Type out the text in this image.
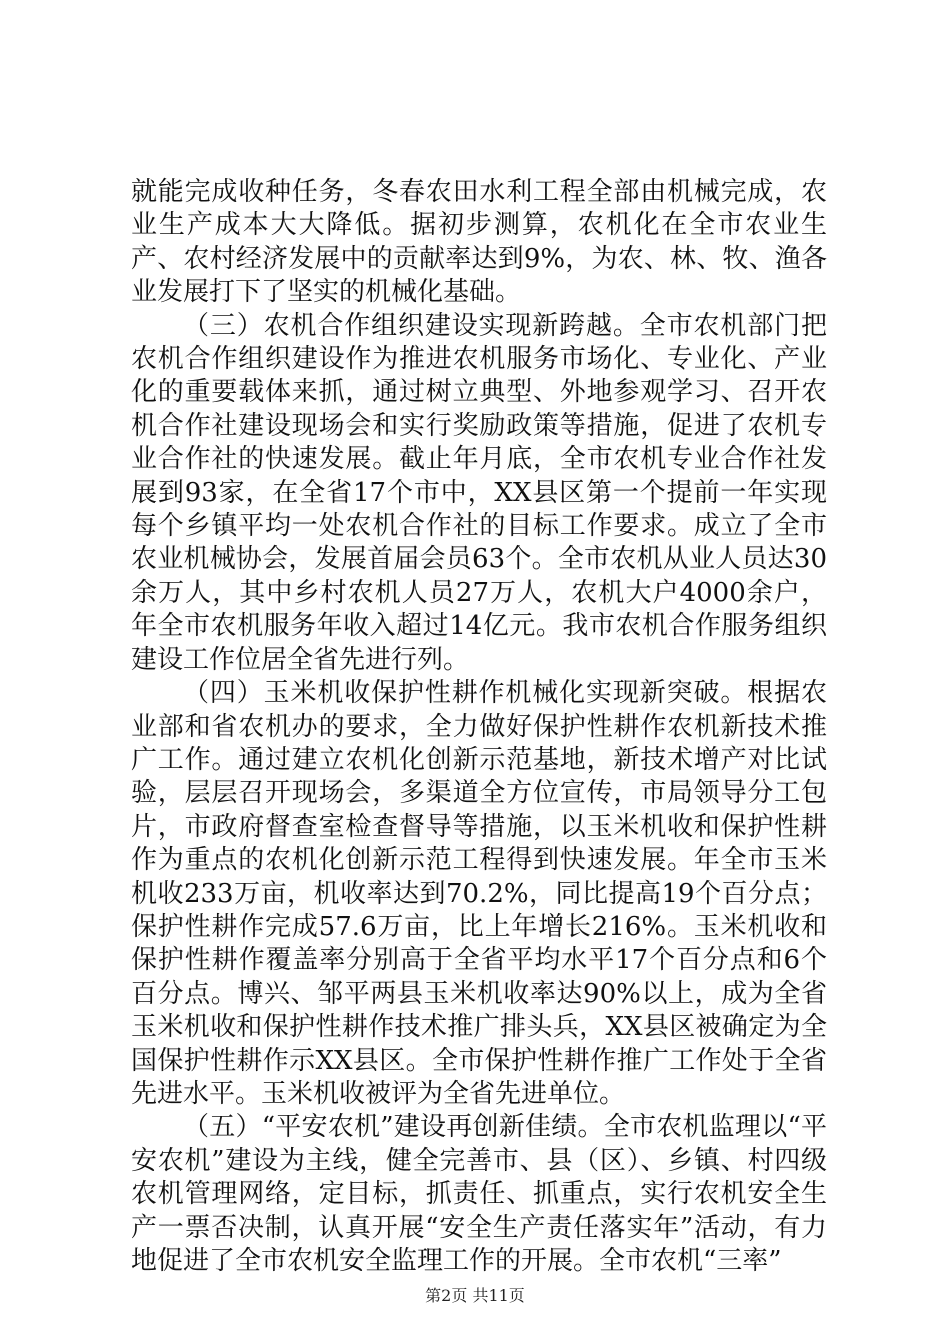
就能完成收种任务，冬春农田水利工程全部由机械完成，农业生产成本大大降低。据初步测算，农机化在全市农业生产、农村经济发展中的贡献率达到9%，为农、林、牧、渔各业发展打下了坚实的机械化基础。

（三）农机合作组织建设实现新跨越。全市农机部门把农机合作组织建设作为推进农机服务市场化、专业化、产业化的重要载体来抓，通过树立典型、外地参观学习、召开农机合作社建设现场会和实行奖励政策等措施，促进了农机专业合作社的快速发展。截止年月底，全市农机专业合作社发展到93家，在全省17个市中，XX县区第一个提前一年实现每个乡镇平均一处农机合作社的目标工作要求。成立了全市农业机械协会，发展首届会员63个。全市农机从业人员达30余万人，其中乡村农机人员27万人，农机大户4000余户，年全市农机服务年收入超过14亿元。我市农机合作服务组织建设工作位居全省先进行列。

（四）玉米机收保护性耕作机械化实现新突破。根据农业部和省农机办的要求，全力做好保护性耕作农机新技术推广工作。通过建立农机化创新示范基地，新技术增产对比试验，层层召开现场会，多渠道全方位宣传，市局领导分工包片，市政府督查室检查督导等措施，以玉米机收和保护性耕作为重点的农机化创新示范工程得到快速发展。年全市玉米机收233万亩，机收率达到70.2%，同比提高19个百分点；保护性耕作完成57.6万亩，比上年增长216%。玉米机收和保护性耕作覆盖率分别高于全省平均水平17个百分点和6个百分点。博兴、邹平两县玉米机收率达90%以上，成为全省玉米机收和保护性耕作技术推广排头兵，XX县区被确定为全国保护性耕作示XX县区。全市保护性耕作推广工作处于全省先进水平。玉米机收被评为全省先进单位。

（五）“平安农机”建设再创新佳绩。全市农机监理以“平安农机”建设为主线，健全完善市、县（区）、乡镇、村四级农机管理网络，定目标，抓责任、抓重点，实行农机安全生产一票否决制，认真开展“安全生产责任落实年”活动，有力地促进了全市农机安全监理工作的开展。全市农机“三率”

第2页 共11页
